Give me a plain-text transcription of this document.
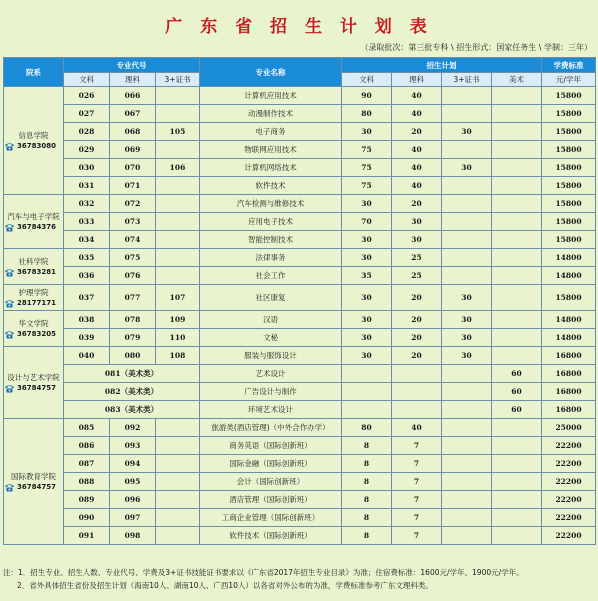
广 东 省 招 生 计 划 表
（录取批次：第三批专科 \ 招生形式：国家任务生 \ 学制：三年）
院系	专业代号			专业名称	招生计划				学费标准
	文科	理科	3+证书		文科	理科	3+证书	美术	元/学年

信息学院
36783080	026	066		计算机应用技术	90	40			15800
	027	067		动漫制作技术	80	40			15800
	028	068	105	电子商务	30	20	30		15800
	029	069		物联网应用技术	75	40			15800
	030	070	106	计算机网络技术	75	40	30		15800
	031	071		软件技术	75	40			15800

汽车与电子学院
36784376	032	072		汽车检测与维修技术	30	20			15800
	033	073		应用电子技术	70	30			15800
	034	074		智能控制技术	30	30			15800

社科学院
36783281	035	075		法律事务	30	25			14800
	036	076		社会工作	35	25			14800

护理学院
28177171	037	077	107	社区康复	30	20	30		15800

华文学院
36783205	038	078	109	汉语	30	20	30		14800
	039	079	110	文秘	30	20	30		14800

设计与艺术学院
36784757	040	080	108	服装与服饰设计	30	20	30		16800
	081（美术类）			艺术设计				60	16800
	082（美术类）			广告设计与制作				60	16800
	083（美术类）			环境艺术设计				60	16800

国际教育学院
36784757	085	092		旅游类(酒店管理)（中外合作办学）	80	40			25000
	086	093		商务英语（国际创新班）	8	7			22200
	087	094		国际金融（国际创新班）	8	7			22200
	088	095		会计（国际创新班）	8	7			22200
	089	096		酒店管理（国际创新班）	8	7			22200
	090	097		工商企业管理（国际创新班）	8	7			22200
	091	098		软件技术（国际创新班）	8	7			22200
注：1．招生专业、招生人数、专业代号、学费及3+证书技能证书要求以《广东省2017年招生专业目录》为准；住宿费标准：1600元/学年、1900元/学年。
2．省外具体招生省份及招生计划（海南10人、湖南10人、广西10人）以各省对外公布的为准，学费标准参考广东文理科类。
